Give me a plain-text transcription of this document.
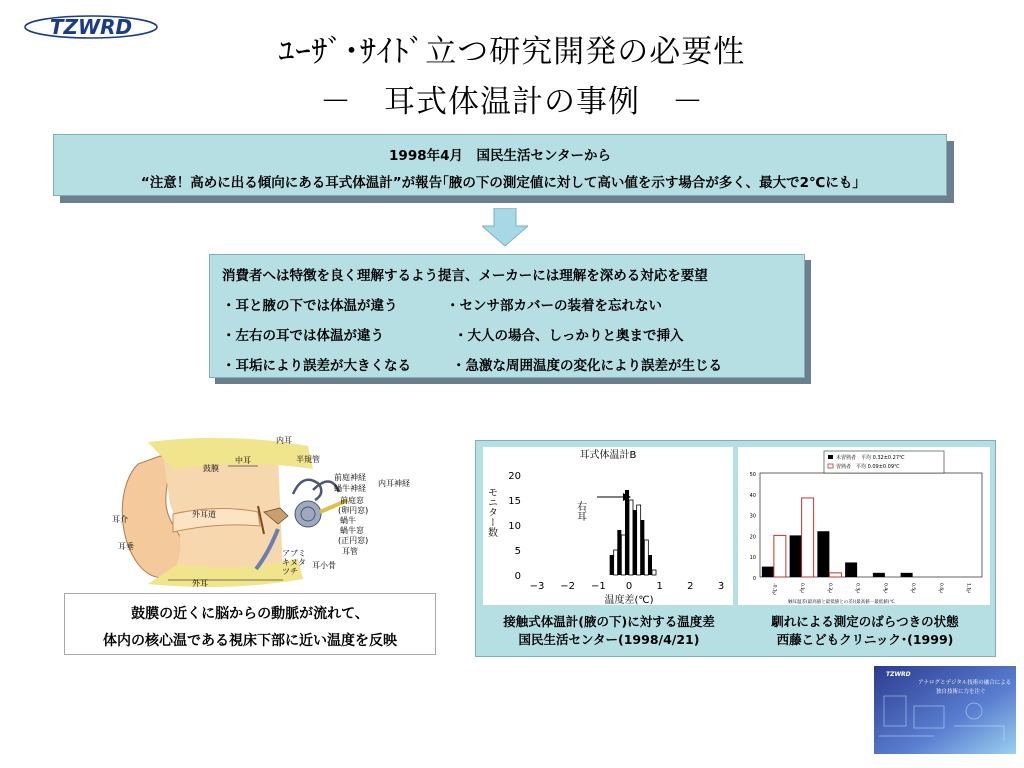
TZWRD
ﾕｰｻﾞ･ｻｲﾄﾞ立つ研究開発の必要性
－　耳式体温計の事例　－
1998年4月　国民生活センターから
“注意！高めに出る傾向にある耳式体温計”が報告｢腋の下の測定値に対して高い値を示す場合が多く、最大で2℃にも｣
消費者へは特徴を良く理解するよう提言、メーカーには理解を深める対応を要望
・耳と腋の下では体温が違う	・センサ部カバーの装着を忘れない
・左右の耳では体温が違う	・大人の場合、しっかりと奥まで挿入
・耳垢により誤差が大きくなる	・急激な周囲温度の変化により誤差が生じる
内耳
中耳	半規管
鼓膜
前庭神経
蝸牛神経
内耳神経
前庭窓
(卵円窓)
蝸牛
蝸牛窓
(正円窓)
耳管
耳介
外耳道
耳垂
外耳
アブミ
キヌタ
ツチ
耳小骨
鼓膜の近くに脳からの動脈が流れて、
体内の核心温である視床下部に近い温度を反映
耳式体温計B
0
5
10
15
20
−3 −2 −1 0 1 2 3
温度差(℃)
モニター数	右耳
0
10
20
30
40
50
-0.1℃	0.1℃	0.2℃	0.3℃	0.4℃	0.5℃	0.6℃	1.1℃
未習熟者　平均 0.32±0.27℃
習熟者　平均 0.09±0.09℃
触耳温差(最高値と最低値との差)(最高値－最低値)℃
接触式体温計(腋の下)に対する温度差
国民生活センター(1998/4/21)
馴れによる測定のばらつきの状態
西藤こどもクリニック･(1999)
TZWRD
アナログとデジタル技術の融合による
独自技術に力を注ぐ
